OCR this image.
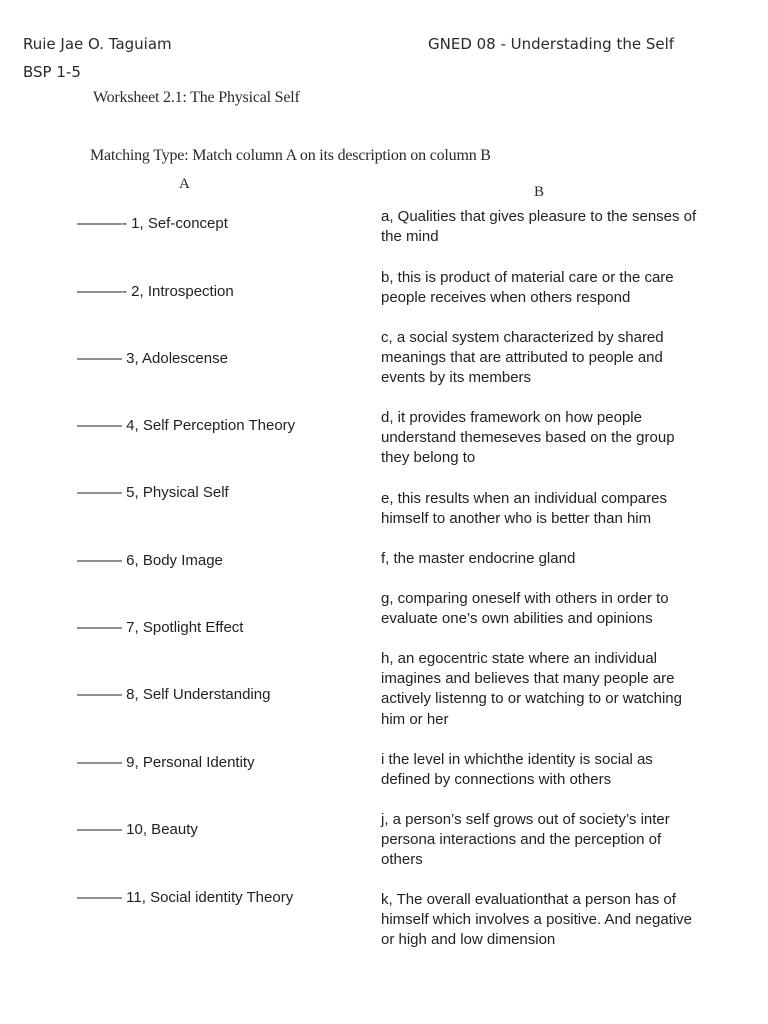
Ruie Jae O. Taguiam
BSP 1-5
GNED 08 - Understading the Self
Worksheet 2.1: The Physical Self
Matching Type: Match column A on its description on column B
A	B
———- 1, Sef-concept
———- 2, Introspection
——— 3, Adolescense
——— 4, Self Perception Theory
——— 5, Physical Self
——— 6, Body Image
——— 7, Spotlight Effect
——— 8, Self Understanding
——— 9, Personal Identity
——— 10, Beauty
——— 11, Social identity Theory
a, Qualities that gives pleasure to the senses of the mind
b, this is product of material care or the care people receives when others respond
c, a social system characterized by shared meanings that are attributed to people and events by its members
d, it provides framework on how people understand themeseves based on the group they belong to
e, this results when an individual compares himself to another who is better than him
f, the master endocrine gland
g, comparing oneself with others in order to evaluate one’s own abilities and opinions
h, an egocentric state where an individual imagines and believes that many people are actively listenng to or watching to or watching him or her
i the level in whichthe identity is social as defined by connections with others
j, a person’s self grows out of society’s inter persona interactions and the perception of others
k, The overall evaluationthat a person has of himself which involves a positive. And negative or high and low dimension
